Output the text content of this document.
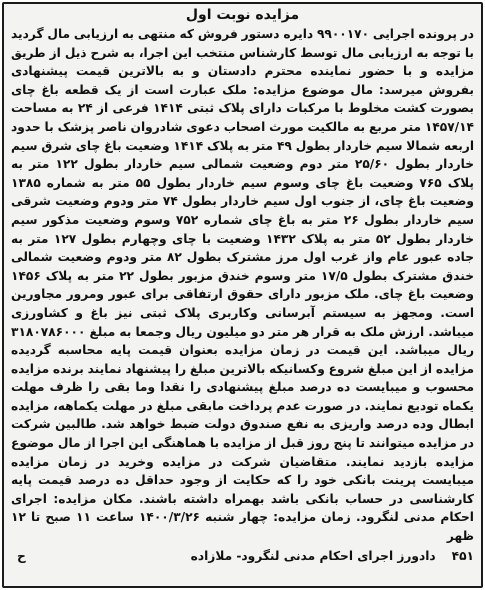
مزایده نوبت اول

در پرونده اجرایی ۹۹۰۰۱۷۰ دایره دستور فروش که منتهی به ارزیابی مال گردید با توجه به ارزیابی مال توسط کارشناس منتخب این اجرا، به شرح ذیل از طریق مزایده و با حضور نماینده محترم دادستان و به بالاترین قیمت پیشنهادی بفروش میرسد: مال موضوع مزایده: ملک عبارت است از یک قطعه باغ چای بصورت کشت مخلوط با مرکبات دارای پلاک ثبتی ۱۴۱۴ فرعی از ۲۴ به مساحت ۱۴۵۷/۱۴ متر مربع به مالکیت مورث اصحاب دعوی شادروان ناصر پزشک با حدود اربعه شمالا سیم خاردار بطول ۴۹ متر به پلاک ۱۴۱۴ وضعیت باغ چای شرق سیم خاردار بطول ۲۵/۶۰ متر دوم وضعیت شمالی سیم خاردار بطول ۱۲۲ متر به پلاک ۷۶۵ وضعیت باغ چای وسوم سیم خاردار بطول ۵۵ متر به شماره ۱۳۸۵ وضعیت باغ چای، از جنوب اول سیم خاردار بطول ۷۴ متر ودوم وضعیت شرقی سیم خاردار بطول ۲۶ متر به باغ چای شماره ۷۵۲ وسوم وضعیت مذکور سیم خاردار بطول ۵۲ متر به پلاک ۱۴۳۲ وضعیت با چای وچهارم بطول ۱۲۷ متر به جاده عبور عام واز غرب اول مرز مشترک بطول ۸۲ متر ودوم وضعیت شمالی خندق مشترک بطول ۱۷/۵ متر وسوم خندق مزبور بطول ۲۲ متر به پلاک ۱۴۵۶ وضعیت باغ چای. ملک مزبور دارای حقوق ارتفاقی برای عبور ومرور مجاورین است. ومجهز به سیستم آبرسانی وکاربری پلاک ثبتی نیز باغ و کشاورزی میباشد. ارزش ملک به قرار هر متر دو میلیون ریال وجمعا به مبلغ ۳۱۸۰۷۸۶۰۰۰ ریال میباشد. این قیمت در زمان مزایده بعنوان قیمت پایه محاسبه گردیده مزایده از این مبلغ شروع وکسانیکه بالاترین مبلغ را پیشنهاد نمایند برنده مزایده محسوب و میبایست ده درصد مبلغ پیشنهادی را نقدا وما بقی را ظرف مهلت یکماه تودیع نمایند. در صورت عدم پرداخت مابقی مبلغ در مهلت یکماهه، مزایده ابطال وده درصد واریزی به نفع صندوق دولت ضبط خواهد شد. طالبین شرکت در مزایده میتوانند تا پنج روز قبل از مزایده با هماهنگی این اجرا از مال موضوع مزایده بازدید نمایند. متقاضیان شرکت در مزایده وخرید در زمان مزایده میبایست پرینت بانکی خود را که حکایت از وجود حداقل ده درصد قیمت پایه کارشناسی در حساب بانکی باشد بهمراه داشته باشند. مکان مزایده: اجرای احکام مدنی لنگرود. زمان مزایده: چهار شنبه ۱۴۰۰/۳/۲۶ ساعت ۱۱ صبح تا ۱۲ ظهر

۴۵۱
دادورز اجرای احکام مدنی لنگرود- ملازاده
ح
